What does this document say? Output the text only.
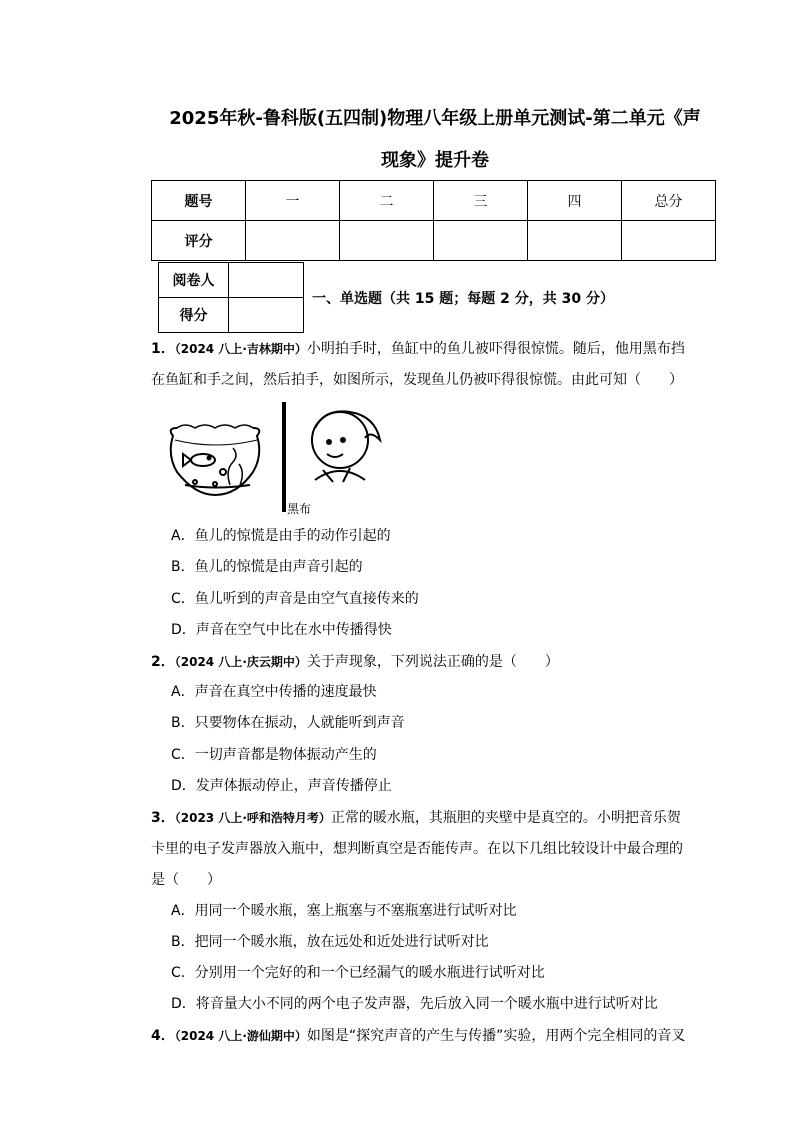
2025年秋-鲁科版(五四制)物理八年级上册单元测试-第二单元《声
现象》提升卷
题号	一	二	三	四	总分
评分					
阅卷人	
得分	
一、单选题（共 15 题；每题 2 分，共 30 分）
1．（2024 八上·吉林期中）小明拍手时，鱼缸中的鱼儿被吓得很惊慌。随后，他用黑布挡
在鱼缸和手之间，然后拍手，如图所示，发现鱼儿仍被吓得很惊慌。由此可知（　　）
黑布
A．鱼儿的惊慌是由手的动作引起的
B．鱼儿的惊慌是由声音引起的
C．鱼儿听到的声音是由空气直接传来的
D．声音在空气中比在水中传播得快
2．（2024 八上·庆云期中）关于声现象，下列说法正确的是（　　）
A．声音在真空中传播的速度最快
B．只要物体在振动，人就能听到声音
C．一切声音都是物体振动产生的
D．发声体振动停止，声音传播停止
3．（2023 八上·呼和浩特月考）正常的暖水瓶，其瓶胆的夹壁中是真空的。小明把音乐贺
卡里的电子发声器放入瓶中，想判断真空是否能传声。在以下几组比较设计中最合理的
是（　　）
A．用同一个暖水瓶，塞上瓶塞与不塞瓶塞进行试听对比
B．把同一个暖水瓶，放在远处和近处进行试听对比
C．分别用一个完好的和一个已经漏气的暖水瓶进行试听对比
D．将音量大小不同的两个电子发声器，先后放入同一个暖水瓶中进行试听对比
4．（2024 八上·游仙期中）如图是“探究声音的产生与传播”实验，用两个完全相同的音叉
